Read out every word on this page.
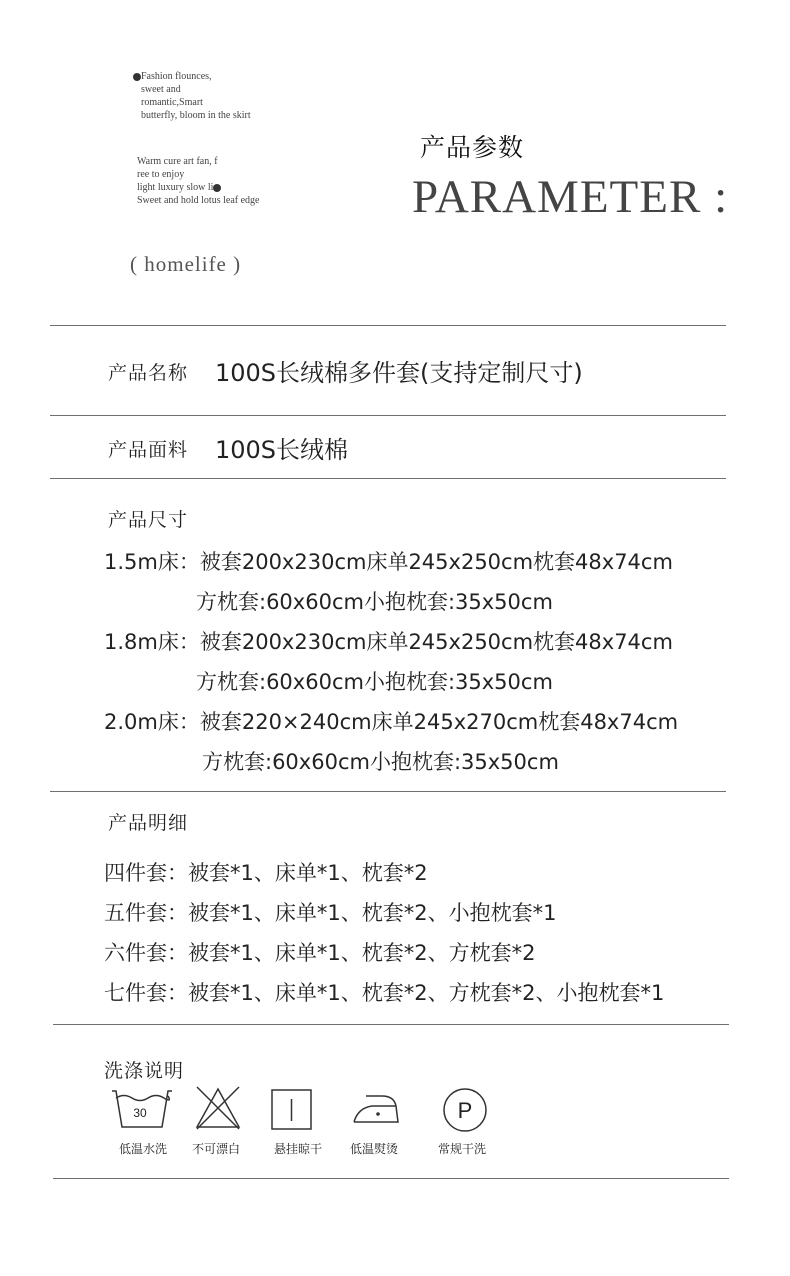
Fashion flounces,
sweet and
romantic,Smart
butterfly, bloom in the skirt
Warm cure art fan, f
ree to enjoy
light luxury slow li
Sweet and hold lotus leaf edge
( homelife )
产品参数
PARAMETER :
产品名称 100S长绒棉多件套(支持定制尺寸)
产品面料 100S长绒棉
产品尺寸
1.5m床：被套200x230cm床单245x250cm枕套48x74cm
方枕套:60x60cm小抱枕套:35x50cm
1.8m床：被套200x230cm床单245x250cm枕套48x74cm
方枕套:60x60cm小抱枕套:35x50cm
2.0m床：被套220×240cm床单245x270cm枕套48x74cm
方枕套:60x60cm小抱枕套:35x50cm
产品明细
四件套：被套*1、床单*1、枕套*2
五件套：被套*1、床单*1、枕套*2、小抱枕套*1
六件套：被套*1、床单*1、枕套*2、方枕套*2
七件套：被套*1、床单*1、枕套*2、方枕套*2、小抱枕套*1
洗涤说明
30
低温水洗	不可漂白	悬挂晾干	低温熨烫
P
常规干洗
